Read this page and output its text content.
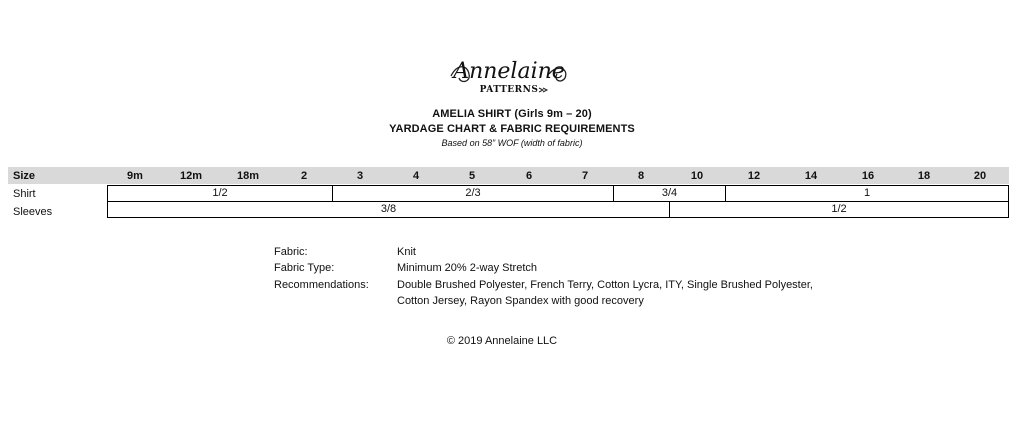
Annelaine
PATTERNS
AMELIA SHIRT (Girls 9m – 20)
YARDAGE CHART & FABRIC REQUIREMENTS
Based on 58” WOF (width of fabric)
Size	9m	12m	18m	2	3	4	5	6	7	8	10	12	14	16	18	20
Shirt	1/2	2/3	3/4	1
Sleeves	3/8	1/2
Fabric:	Knit
Fabric Type:	Minimum 20% 2-way Stretch
Recommendations:	Double Brushed Polyester, French Terry, Cotton Lycra, ITY, Single Brushed Polyester,
Cotton Jersey, Rayon Spandex with good recovery
© 2019 Annelaine LLC
